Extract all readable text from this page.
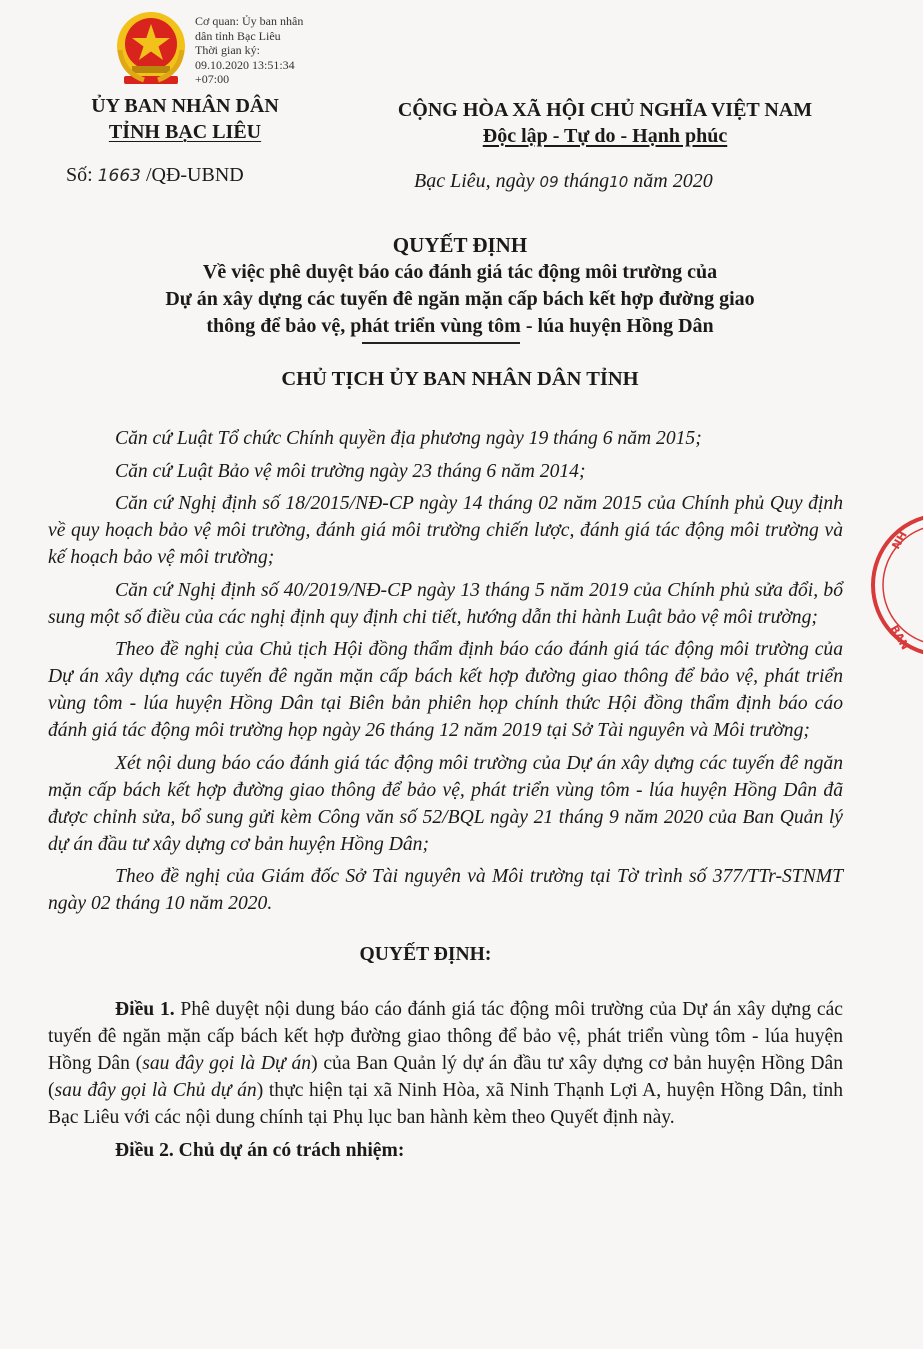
Cơ quan: Ủy ban nhân
dân tỉnh Bạc Liêu
Thời gian ký:
09.10.2020 13:51:34
+07:00
ỦY BAN NHÂN DÂN
TỈNH BẠC LIÊU
CỘNG HÒA XÃ HỘI CHỦ NGHĨA VIỆT NAM
Độc lập - Tự do - Hạnh phúc
Số: 1663 /QĐ-UBND	Bạc Liêu, ngày 09 tháng10 năm 2020
QUYẾT ĐỊNH
Về việc phê duyệt báo cáo đánh giá tác động môi trường của
Dự án xây dựng các tuyến đê ngăn mặn cấp bách kết hợp đường giao
thông để bảo vệ, phát triển vùng tôm - lúa huyện Hồng Dân
CHỦ TỊCH ỦY BAN NHÂN DÂN TỈNH

Căn cứ Luật Tổ chức Chính quyền địa phương ngày 19 tháng 6 năm 2015;

Căn cứ Luật Bảo vệ môi trường ngày 23 tháng 6 năm 2014;

Căn cứ Nghị định số 18/2015/NĐ-CP ngày 14 tháng 02 năm 2015 của Chính phủ Quy định về quy hoạch bảo vệ môi trường, đánh giá môi trường chiến lược, đánh giá tác động môi trường và kế hoạch bảo vệ môi trường;

Căn cứ Nghị định số 40/2019/NĐ-CP ngày 13 tháng 5 năm 2019 của Chính phủ sửa đổi, bổ sung một số điều của các nghị định quy định chi tiết, hướng dẫn thi hành Luật bảo vệ môi trường;

Theo đề nghị của Chủ tịch Hội đồng thẩm định báo cáo đánh giá tác động môi trường của Dự án xây dựng các tuyến đê ngăn mặn cấp bách kết hợp đường giao thông để bảo vệ, phát triển vùng tôm - lúa huyện Hồng Dân tại Biên bản phiên họp chính thức Hội đồng thẩm định báo cáo đánh giá tác động môi trường họp ngày 26 tháng 12 năm 2019 tại Sở Tài nguyên và Môi trường;

Xét nội dung báo cáo đánh giá tác động môi trường của Dự án xây dựng các tuyến đê ngăn mặn cấp bách kết hợp đường giao thông để bảo vệ, phát triển vùng tôm - lúa huyện Hồng Dân đã được chỉnh sửa, bổ sung gửi kèm Công văn số 52/BQL ngày 21 tháng 9 năm 2020 của Ban Quản lý dự án đầu tư xây dựng cơ bản huyện Hồng Dân;

Theo đề nghị của Giám đốc Sở Tài nguyên và Môi trường tại Tờ trình số 377/TTr-STNMT ngày 02 tháng 10 năm 2020.

QUYẾT ĐỊNH:

Điều 1. Phê duyệt nội dung báo cáo đánh giá tác động môi trường của Dự án xây dựng các tuyến đê ngăn mặn cấp bách kết hợp đường giao thông để bảo vệ, phát triển vùng tôm - lúa huyện Hồng Dân (sau đây gọi là Dự án) của Ban Quản lý dự án đầu tư xây dựng cơ bản huyện Hồng Dân (sau đây gọi là Chủ dự án) thực hiện tại xã Ninh Hòa, xã Ninh Thạnh Lợi A, huyện Hồng Dân, tỉnh Bạc Liêu với các nội dung chính tại Phụ lục ban hành kèm theo Quyết định này.

Điều 2. Chủ dự án có trách nhiệm:

NH
BAN
